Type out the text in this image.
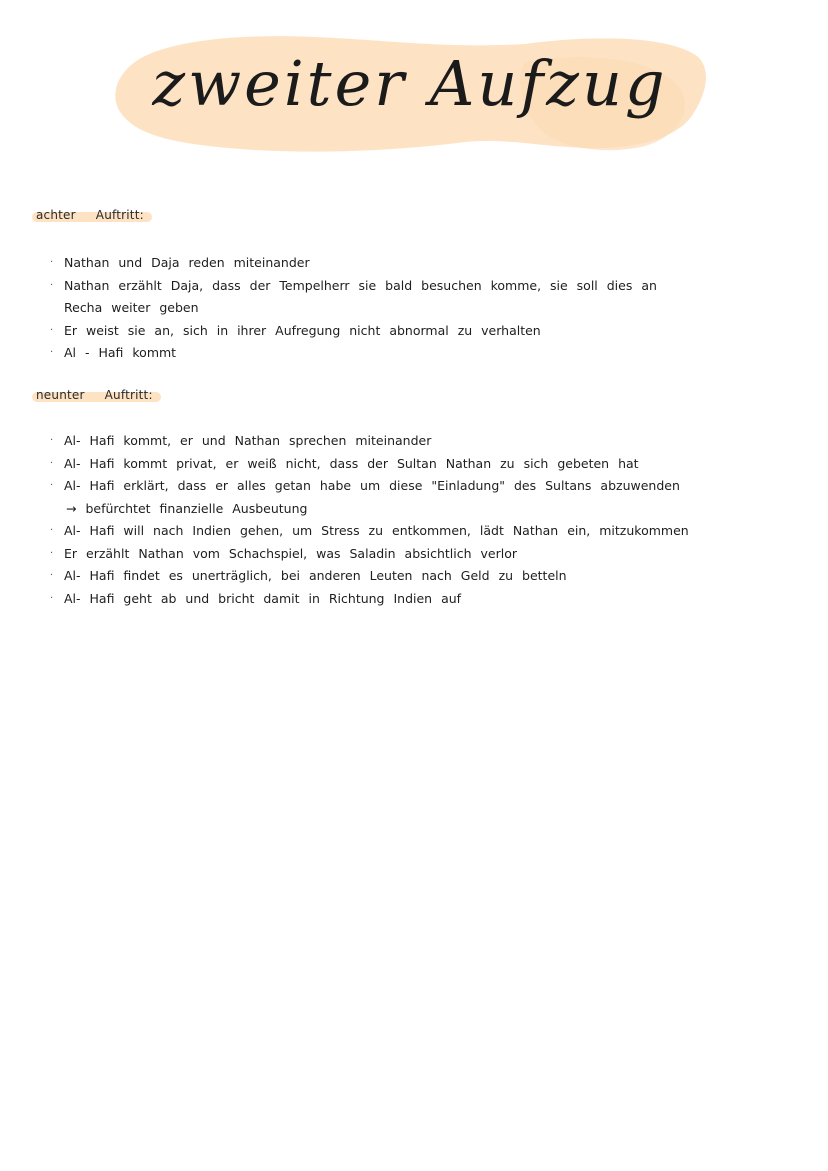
zweiter Aufzug
achter Auftritt:
· Nathan und Daja reden miteinander
· Nathan erzählt Daja, dass der Tempelherr sie bald besuchen komme, sie soll dies an
Recha weiter geben
· Er weist sie an, sich in ihrer Aufregung nicht abnormal zu verhalten
· Al - Hafi kommt
neunter Auftritt:
· Al- Hafi kommt, er und Nathan sprechen miteinander
· Al- Hafi kommt privat, er weiß nicht, dass der Sultan Nathan zu sich gebeten hat
· Al- Hafi erklärt, dass er alles getan habe um diese "Einladung" des Sultans abzuwenden
→ befürchtet finanzielle Ausbeutung
· Al- Hafi will nach Indien gehen, um Stress zu entkommen, lädt Nathan ein, mitzukommen
· Er erzählt Nathan vom Schachspiel, was Saladin absichtlich verlor
· Al- Hafi findet es unerträglich, bei anderen Leuten nach Geld zu betteln
· Al- Hafi geht ab und bricht damit in Richtung Indien auf
